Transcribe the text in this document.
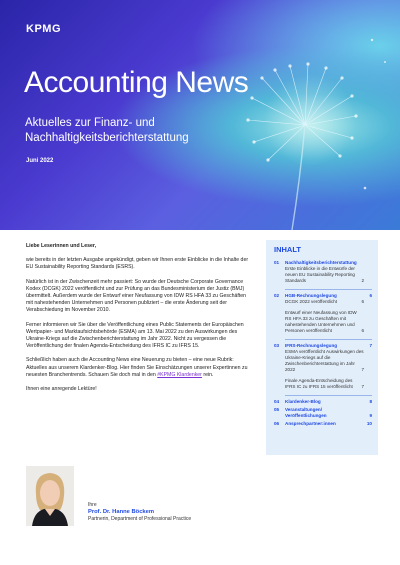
KPMG
Accounting News
Aktuelles zur Finanz- und
Nachhaltigkeitsberichterstattung
Juni 2022

Liebe Leserinnen und Leser,

wie bereits in der letzten Ausgabe angekündigt, geben wir Ihnen erste Einblicke in die Inhalte der EU Sustainability Reporting Standards (ESRS).

Natürlich ist in der Zwischenzeit mehr passiert: So wurde der Deutsche Corporate Governance Kodex (DCGK) 2022 veröffentlicht und zur Prüfung an das Bundesministerium der Justiz (BMJ) übermittelt. Außerdem wurde der Entwurf einer Neufassung von IDW RS HFA 33 zu Geschäften mit nahestehenden Unternehmen und Personen publiziert – die erste Änderung seit der Verabschiedung im November 2010.

Ferner informieren wir Sie über die Veröffentlichung eines Public Statements der Europäischen Wertpapier- und Marktaufsichtsbehörde (ESMA) am 13. Mai 2022 zu den Auswirkungen des Ukraine-Kriegs auf die Zwischenberichterstattung im Jahr 2022. Nicht zu vergessen die Veröffentlichung der finalen Agenda-Entscheidung des IFRS IC zu IFRS 15.

Schließlich haben auch die Accounting News eine Neuerung zu bieten – eine neue Rubrik: Aktuelles aus unserem Klardenker-Blog. Hier finden Sie Einschätzungen unserer Expertinnen zu neuesten Branchentrends. Schauen Sie doch mal in den #KPMG Klardenker rein.

Ihnen eine anregende Lektüre!

INHALT
01 Nachhaltigkeitsberichterstattung
Erste Einblicke in die Entwürfe der neuen EU Sustainability Reporting Standards	2
02 HGB-Rechnungslegung	6
DCGK 2022 veröffentlicht	6
Entwurf einer Neufassung von IDW RS HFA 33 zu Geschäften mit nahestehenden Unternehmen und Personen veröffentlicht	6
03 IFRS-Rechnungslegung	7
ESMA veröffentlicht Auswirkungen des Ukraine-Kriegs auf die Zwischenberichterstattung im Jahr 2022	7
Finale Agenda-Entscheidung des IFRS IC zu IFRS 15 veröffentlicht 7
04 Klardenker-Blog	8
05 Veranstaltungen/ Veröffentlichungen	9
06 Ansprechpartner:innen	10
Ihre
Prof. Dr. Hanne Böckem
Partnerin, Department of Professional Practice
